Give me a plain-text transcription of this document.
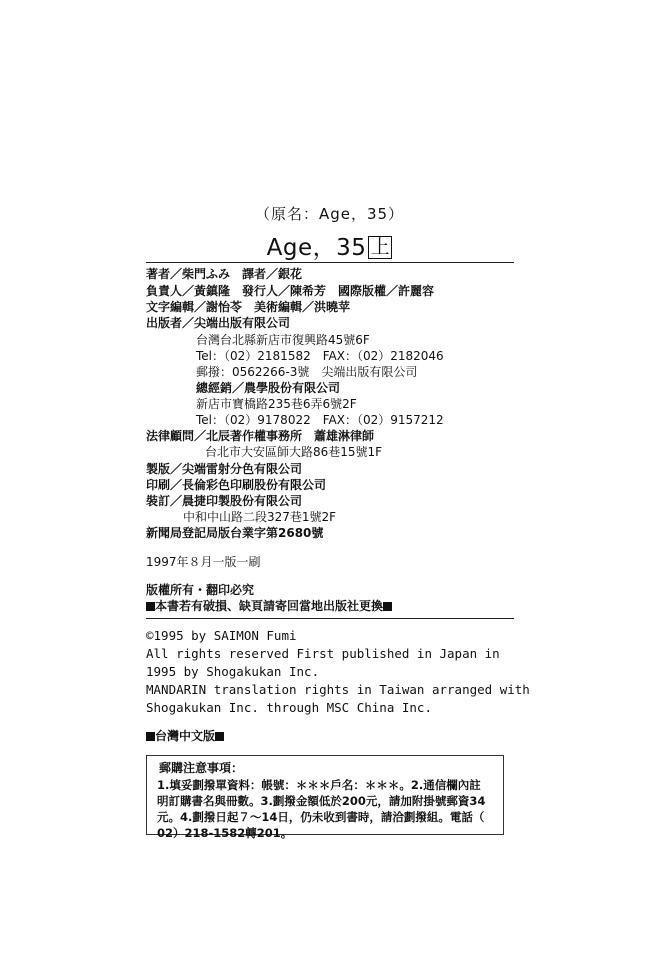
（原名：Age，35）
Age，35 上
著者／柴門ふみ　譯者／銀花
負責人／黃鎮隆　發行人／陳希芳　國際版權／許麗容
文字編輯／謝怡苓　美術編輯／洪曉苹
出版者／尖端出版有限公司
台灣台北縣新店市復興路45號6F
Tel：（02）2181582　FAX：（02）2182046
郵撥：0562266-3號　尖端出版有限公司
總經銷／農學股份有限公司
新店市寶橋路235巷6弄6號2F
Tel：（02）9178022　FAX：（02）9157212
法律顧問／北辰著作權事務所　蕭雄淋律師
台北市大安區師大路86巷15號1F
製版／尖端雷射分色有限公司
印刷／長倫彩色印刷股份有限公司
裝訂／晨捷印製股份有限公司
中和中山路二段327巷1號2F
新聞局登記局版台業字第2680號
1997年８月一版一刷
版權所有・翻印必究
本書若有破損、缺頁請寄回當地出版社更換
©1995 by SAIMON Fumi
All rights reserved First published in Japan in
1995 by Shogakukan Inc.
MANDARIN translation rights in Taiwan arranged with
Shogakukan Inc. through MSC China Inc.
台灣中文版
郵購注意事項：
1.填妥劃撥單資料：帳號：＊＊＊戶名：＊＊＊。2.通信欄內註
明訂購書名與冊數。3.劃撥金額低於200元，請加附掛號郵資34
元。4.劃撥日起７～14日，仍未收到書時，請洽劃撥組。電話（
02）218-1582轉201。
